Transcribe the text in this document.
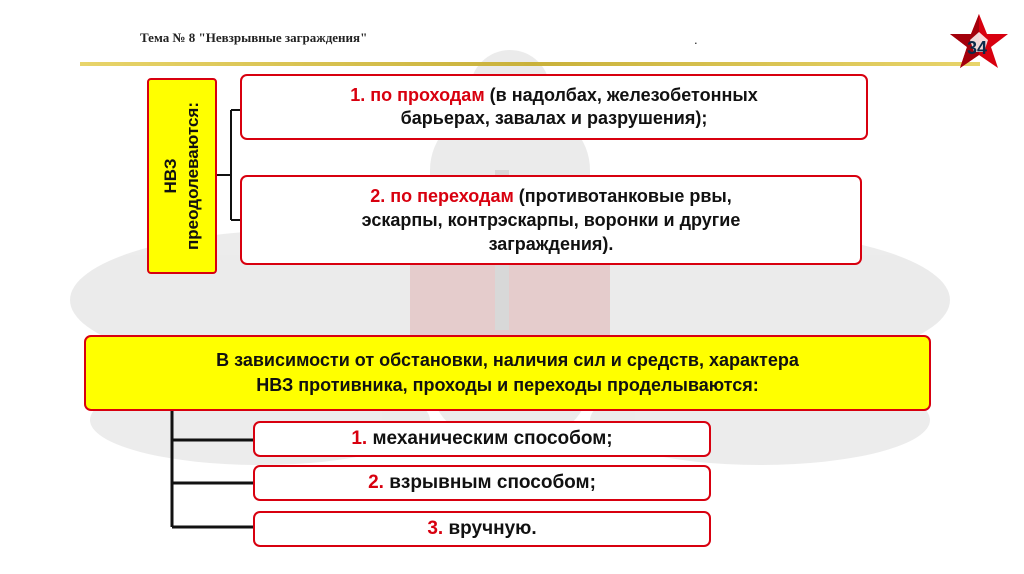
Тема № 8 "Невзрывные заграждения"	.	34
НВЗ преодолеваются:
1. по проходам (в надолбах, железобетонных
барьерах, завалах и разрушения);
2. по переходам (противотанковые рвы,
эскарпы, контрэскарпы, воронки и другие
заграждения).
В зависимости от обстановки, наличия сил и средств, характера
НВЗ противника, проходы и переходы проделываются:
1. механическим способом;
2. взрывным способом;
3. вручную.
